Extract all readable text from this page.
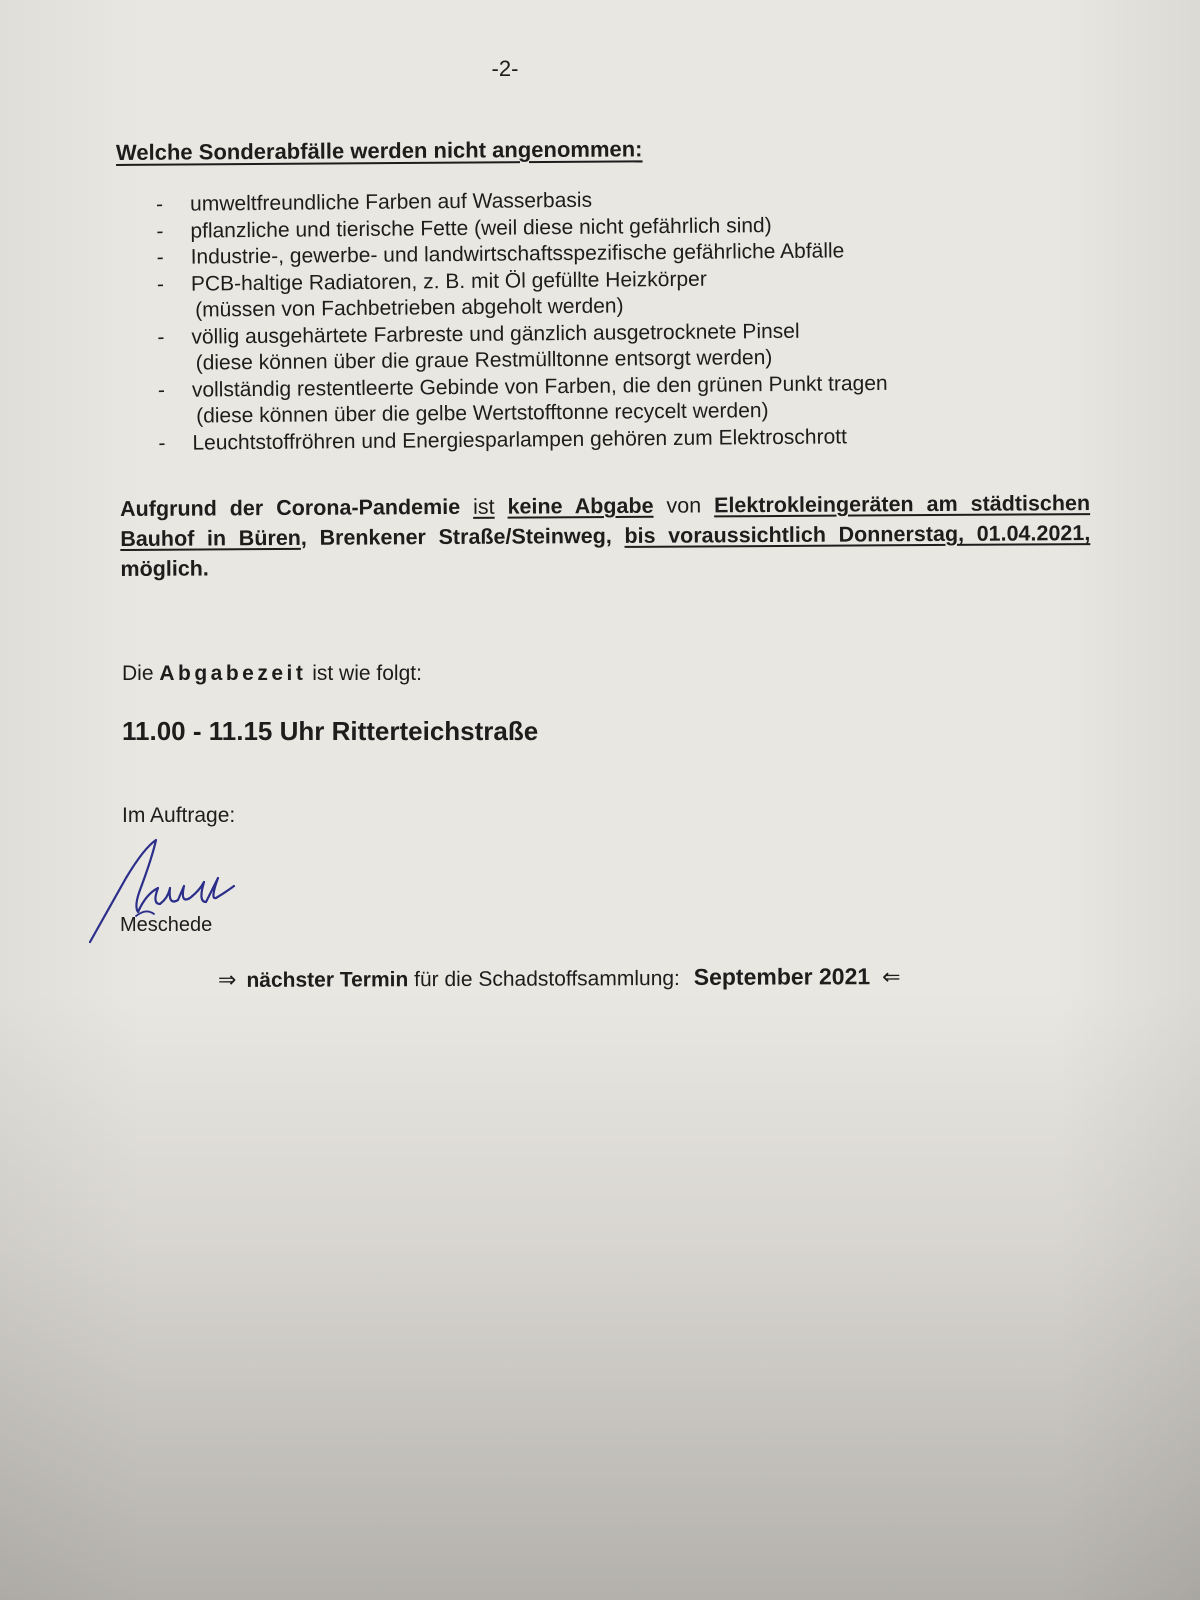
-2-
Welche Sonderabfälle werden nicht angenommen:
- umweltfreundliche Farben auf Wasserbasis
- pflanzliche und tierische Fette (weil diese nicht gefährlich sind)
- Industrie-, gewerbe- und landwirtschaftsspezifische gefährliche Abfälle
- PCB-haltige Radiatoren, z. B. mit Öl gefüllte Heizkörper
(müssen von Fachbetrieben abgeholt werden)
- völlig ausgehärtete Farbreste und gänzlich ausgetrocknete Pinsel
(diese können über die graue Restmülltonne entsorgt werden)
- vollständig restentleerte Gebinde von Farben, die den grünen Punkt tragen
(diese können über die gelbe Wertstofftonne recycelt werden)
- Leuchtstoffröhren und Energiesparlampen gehören zum Elektroschrott
Aufgrund der Corona-Pandemie ist keine Abgabe von Elektrokleingeräten am städtischen Bauhof in Büren, Brenkener Straße/Steinweg, bis voraussichtlich Donnerstag, 01.04.2021, möglich.
Die Abgabezeit ist wie folgt:
11.00 - 11.15 Uhr Ritterteichstraße
Im Auftrage:
Meschede
⇒ nächster Termin für die Schadstoffsammlung: September 2021 ⇐
